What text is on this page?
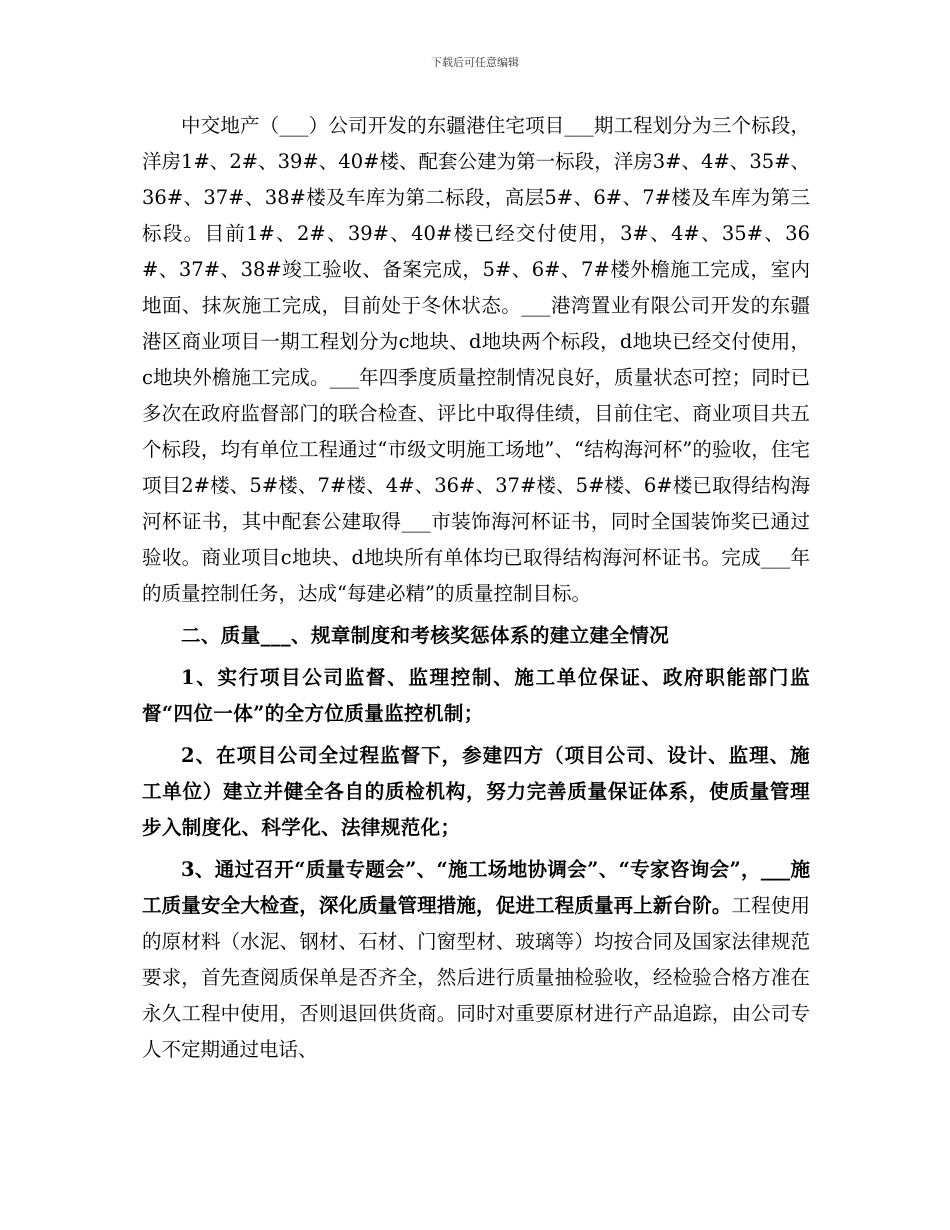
下载后可任意编辑

中交地产（___）公司开发的东疆港住宅项目___期工程划分为三个标段，洋房1#、2#、39#、40#楼、配套公建为第一标段，洋房3#、4#、35#、36#、37#、38#楼及车库为第二标段，高层5#、6#、7#楼及车库为第三标段。目前1#、2#、39#、40#楼已经交付使用，3#、4#、35#、36#、37#、38#竣工验收、备案完成，5#、6#、7#楼外檐施工完成，室内地面、抹灰施工完成，目前处于冬休状态。___港湾置业有限公司开发的东疆港区商业项目一期工程划分为c地块、d地块两个标段，d地块已经交付使用，c地块外檐施工完成。___年四季度质量控制情况良好，质量状态可控；同时已多次在政府监督部门的联合检查、评比中取得佳绩，目前住宅、商业项目共五个标段，均有单位工程通过“市级文明施工场地”、“结构海河杯”的验收，住宅项目2#楼、5#楼、7#楼、4#、36#、37#楼、5#楼、6#楼已取得结构海河杯证书，其中配套公建取得___市装饰海河杯证书，同时全国装饰奖已通过验收。商业项目c地块、d地块所有单体均已取得结构海河杯证书。完成___年的质量控制任务，达成“每建必精”的质量控制目标。

二、质量___、规章制度和考核奖惩体系的建立建全情况

1、实行项目公司监督、监理控制、施工单位保证、政府职能部门监督“四位一体”的全方位质量监控机制；

2、在项目公司全过程监督下，参建四方（项目公司、设计、监理、施工单位）建立并健全各自的质检机构，努力完善质量保证体系，使质量管理步入制度化、科学化、法律规范化；

3、通过召开“质量专题会”、“施工场地协调会”、“专家咨询会”，___施工质量安全大检查，深化质量管理措施，促进工程质量再上新台阶。工程使用的原材料（水泥、钢材、石材、门窗型材、玻璃等）均按合同及国家法律规范要求，首先查阅质保单是否齐全，然后进行质量抽检验收，经检验合格方准在永久工程中使用，否则退回供货商。同时对重要原材进行产品追踪，由公司专人不定期通过电话、
